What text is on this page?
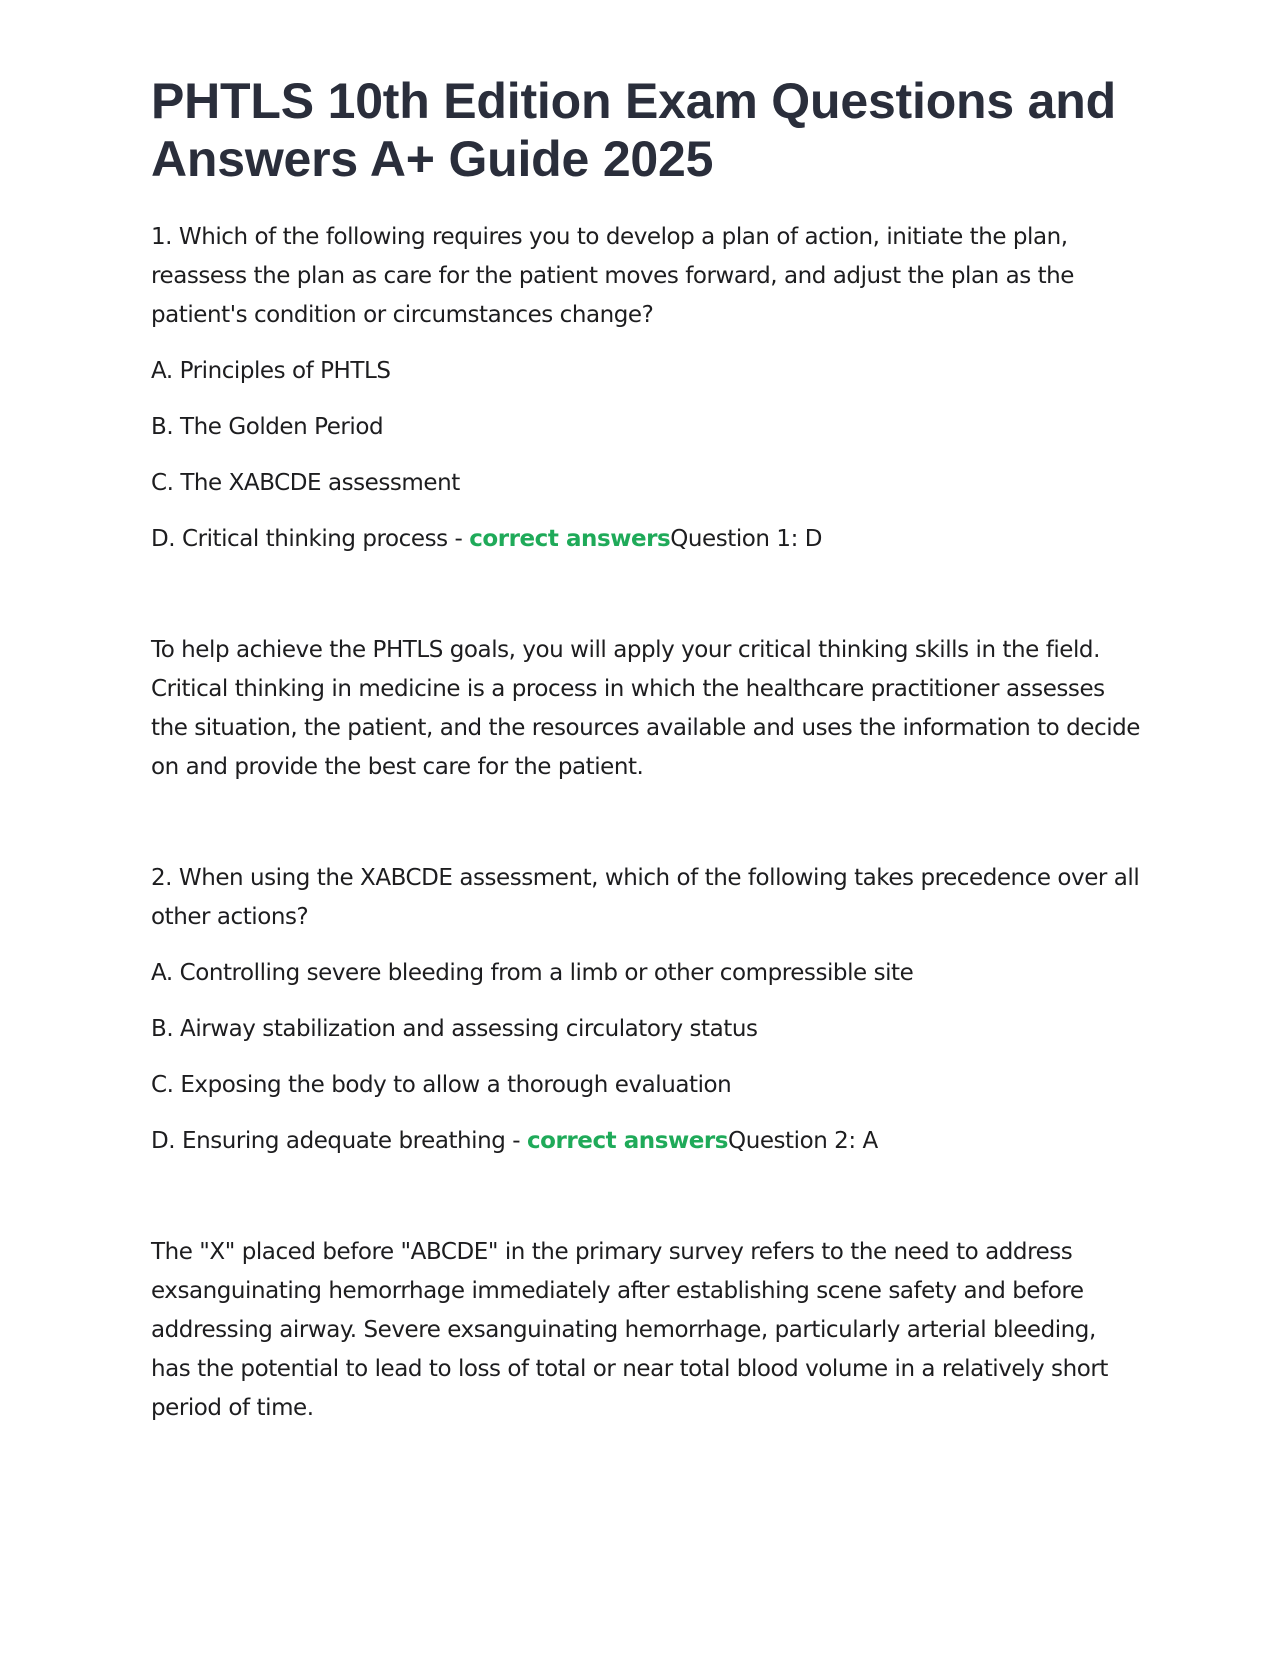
PHTLS 10th Edition Exam Questions and Answers A+ Guide 2025

1. Which of the following requires you to develop a plan of action, initiate the plan, reassess the plan as care for the patient moves forward, and adjust the plan as the patient's condition or circumstances change?

A. Principles of PHTLS

B. The Golden Period

C. The XABCDE assessment

D. Critical thinking process - correct answersQuestion 1: D

To help achieve the PHTLS goals, you will apply your critical thinking skills in the field. Critical thinking in medicine is a process in which the healthcare practitioner assesses the situation, the patient, and the resources available and uses the information to decide on and provide the best care for the patient.

2. When using the XABCDE assessment, which of the following takes precedence over all other actions?

A. Controlling severe bleeding from a limb or other compressible site

B. Airway stabilization and assessing circulatory status

C. Exposing the body to allow a thorough evaluation

D. Ensuring adequate breathing - correct answersQuestion 2: A

The "X" placed before "ABCDE" in the primary survey refers to the need to address exsanguinating hemorrhage immediately after establishing scene safety and before addressing airway. Severe exsanguinating hemorrhage, particularly arterial bleeding, has the potential to lead to loss of total or near total blood volume in a relatively short period of time.
